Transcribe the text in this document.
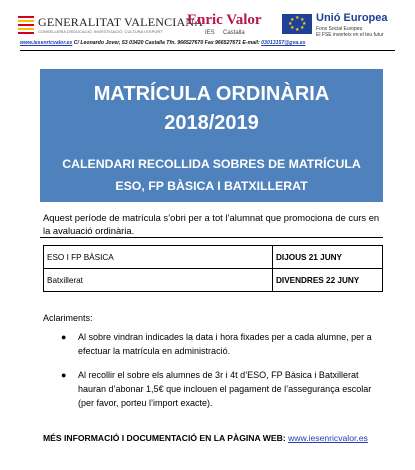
GENERALITAT VALENCIANA
CONSELLERIA D'EDUCACIÓ, INVESTIGACIÓ, CULTURA I ESPORT
Enric Valor
IES Castalla
★ ★
★
★
★
★
★
★ Unió Europea
Fons Social Europeu
El FSE inverteix en el teu futur
www.iesenricvalor.es C/ Leonardo Jover, 53 03420 Castalla Tfn. 966527670 Fax 966527671 E-mail: 03013157@gva.es
MATRÍCULA ORDINÀRIA
2018/2019
CALENDARI RECOLLIDA SOBRES DE MATRÍCULA
ESO, FP BÀSICA I BATXILLERAT
Aquest període de matrícula s’obri per a tot l’alumnat que promociona de curs en la avaluació ordinària.
ESO I FP BÀSICA	DIJOUS 21 JUNY
Batxillerat	DIVENDRES 22 JUNY
Aclariments:
● Al sobre vindran indicades la data i hora fixades per a cada alumne, per a efectuar la matrícula en administració.
● Al recollir el sobre els alumnes de 3r i 4t d’ESO, FP Bàsica i Batxillerat hauran d’abonar 1,5€ que inclouen el pagament de l’assegurança escolar (per favor, porteu l’import exacte).
MÉS INFORMACIÓ I DOCUMENTACIÓ EN LA PÀGINA WEB: www.iesenricvalor.es
